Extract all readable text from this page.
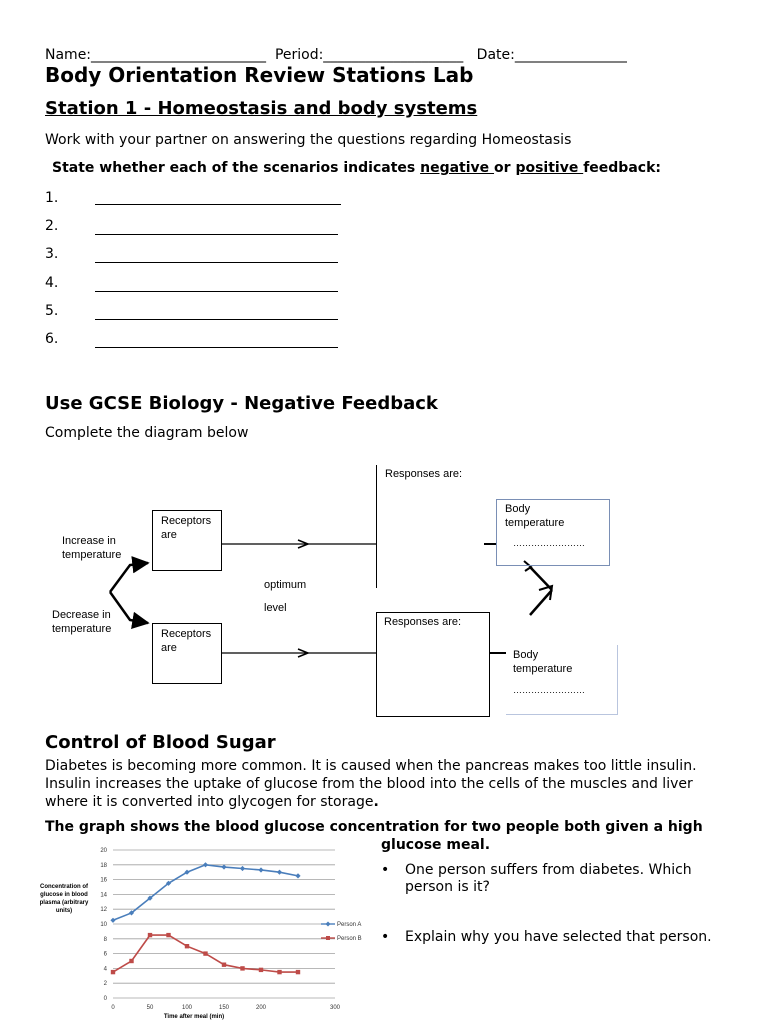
Name:_________________________ Period:____________________ Date:________________
Body Orientation Review Stations Lab
Station 1 - Homeostasis and body systems
Work with your partner on answering the questions regarding Homeostasis
State whether each of the scenarios indicates negative or positive feedback:
1.
2.
3.
4.
5.
6.
Use GCSE Biology - Negative Feedback
Complete the diagram below
Increase in
temperature
Decrease in
temperature
Receptors
are
Receptors
are
optimum
level
Responses are:
Responses are:
Body
temperature
……………………
Body
temperature
……………………
Control of Blood Sugar
Diabetes is becoming more common. It is caused when the pancreas makes too little insulin.
Insulin increases the uptake of glucose from the blood into the cells of the muscles and liver
where it is converted into glycogen for storage.
The graph shows the blood glucose concentration for two people both given a high
glucose meal.
• One person suffers from diabetes. Which
person is it?
• Explain why you have selected that person.
0
2
4
6
8
10
12
14
16
18
20
0	50	100	150	200	300
Time after meal (min)
Concentration of
glucose in blood
plasma (arbitrary
units)
Person A
Person B
